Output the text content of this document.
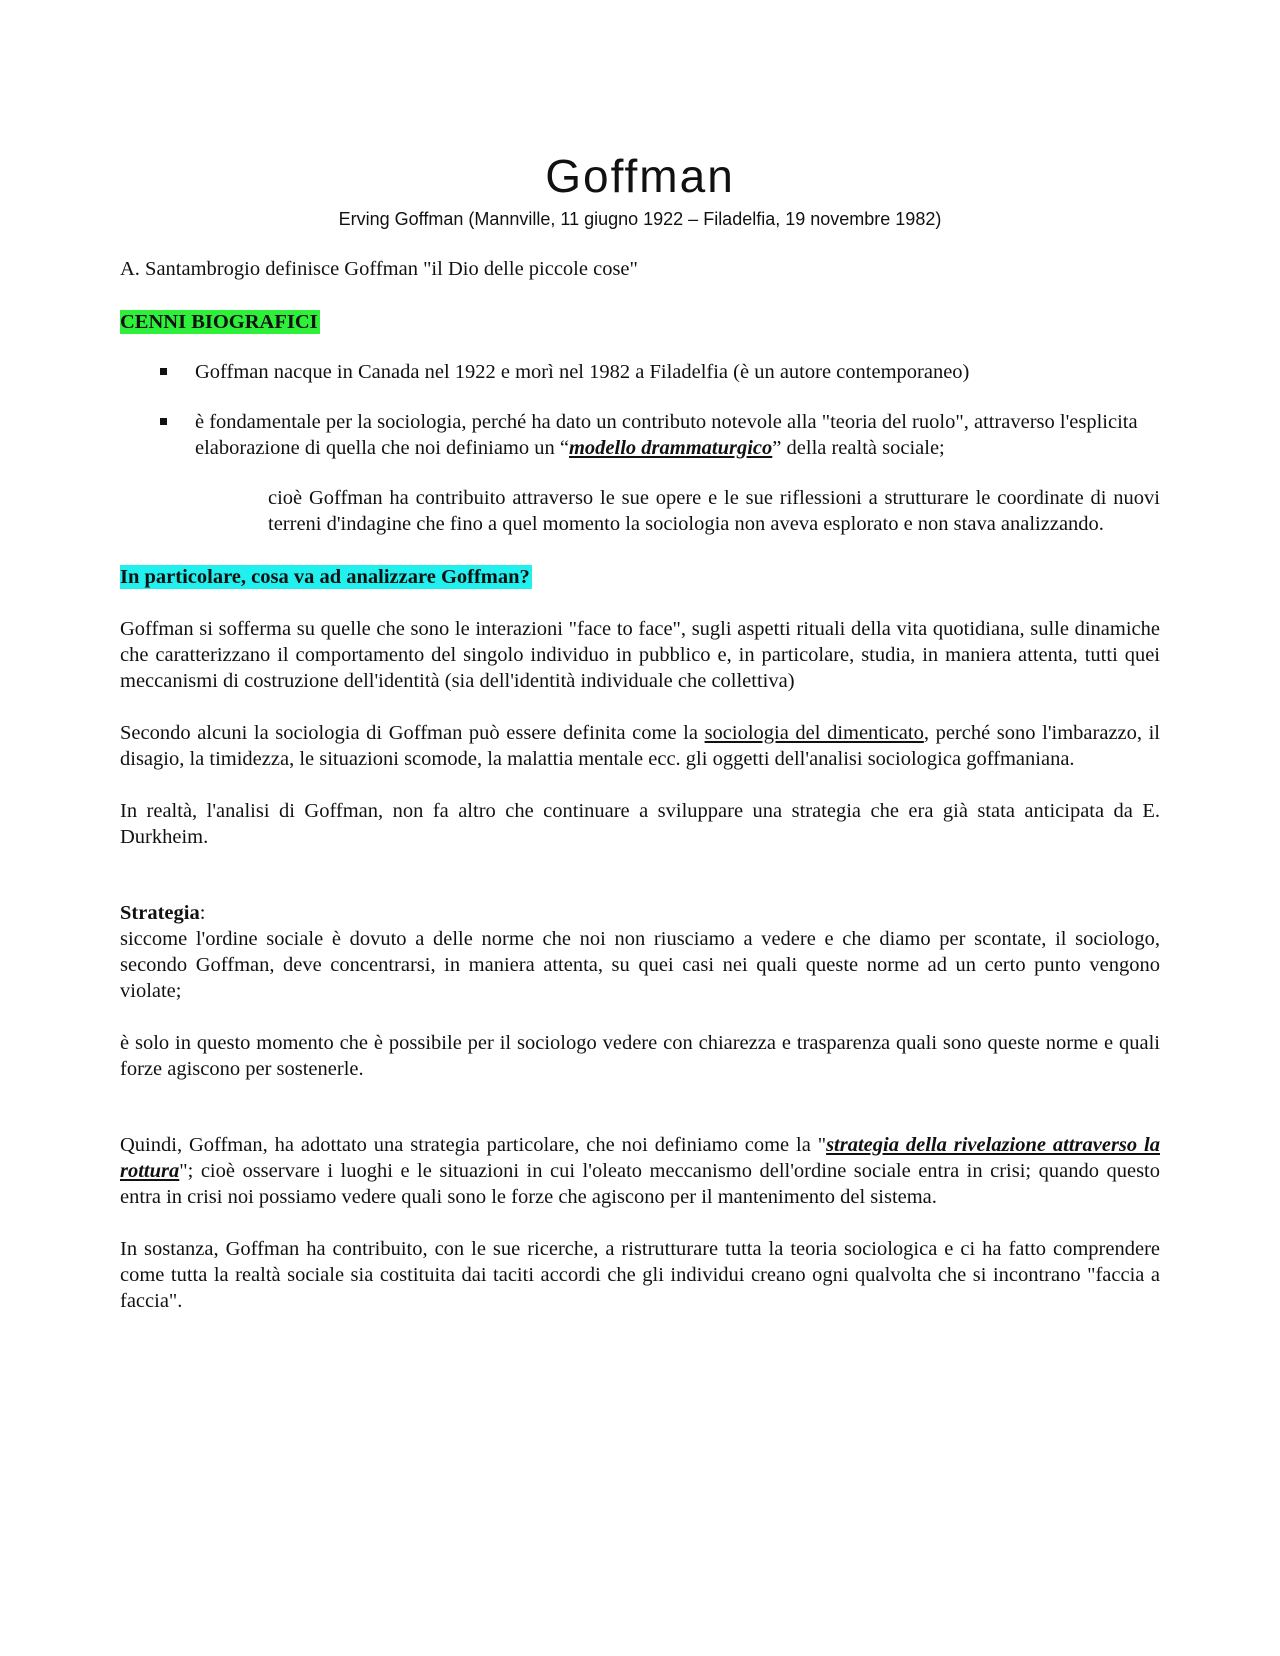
Goffman
Erving Goffman (Mannville, 11 giugno 1922 – Filadelfia, 19 novembre 1982)

A. Santambrogio definisce Goffman "il Dio delle piccole cose"

CENNI BIOGRAFICI
Goffman nacque in Canada nel 1922 e morì nel 1982 a Filadelfia (è un autore contemporaneo)
è fondamentale per la sociologia, perché ha dato un contributo notevole alla "teoria del ruolo", attraverso l'esplicita elaborazione di quella che noi definiamo un “modello drammaturgico” della realtà sociale;

cioè Goffman ha contribuito attraverso le sue opere e le sue riflessioni a strutturare le coordinate di nuovi terreni d'indagine che fino a quel momento la sociologia non aveva esplorato e non stava analizzando.

In particolare, cosa va ad analizzare Goffman?

Goffman si sofferma su quelle che sono le interazioni "face to face", sugli aspetti rituali della vita quotidiana, sulle dinamiche che caratterizzano il comportamento del singolo individuo in pubblico e, in particolare, studia, in maniera attenta, tutti quei meccanismi di costruzione dell'identità (sia dell'identità individuale che collettiva)

Secondo alcuni la sociologia di Goffman può essere definita come la sociologia del dimenticato, perché sono l'imbarazzo, il disagio, la timidezza, le situazioni scomode, la malattia mentale ecc. gli oggetti dell'analisi sociologica goffmaniana.

In realtà, l'analisi di Goffman, non fa altro che continuare a sviluppare una strategia che era già stata anticipata da E. Durkheim.

Strategia:

siccome l'ordine sociale è dovuto a delle norme che noi non riusciamo a vedere e che diamo per scontate, il sociologo, secondo Goffman, deve concentrarsi, in maniera attenta, su quei casi nei quali queste norme ad un certo punto vengono violate;

è solo in questo momento che è possibile per il sociologo vedere con chiarezza e trasparenza quali sono queste norme e quali forze agiscono per sostenerle.

Quindi, Goffman, ha adottato una strategia particolare, che noi definiamo come la "strategia della rivelazione attraverso la rottura"; cioè osservare i luoghi e le situazioni in cui l'oleato meccanismo dell'ordine sociale entra in crisi; quando questo entra in crisi noi possiamo vedere quali sono le forze che agiscono per il mantenimento del sistema.

In sostanza, Goffman ha contribuito, con le sue ricerche, a ristrutturare tutta la teoria sociologica e ci ha fatto comprendere come tutta la realtà sociale sia costituita dai taciti accordi che gli individui creano ogni qualvolta che si incontrano "faccia a faccia".
